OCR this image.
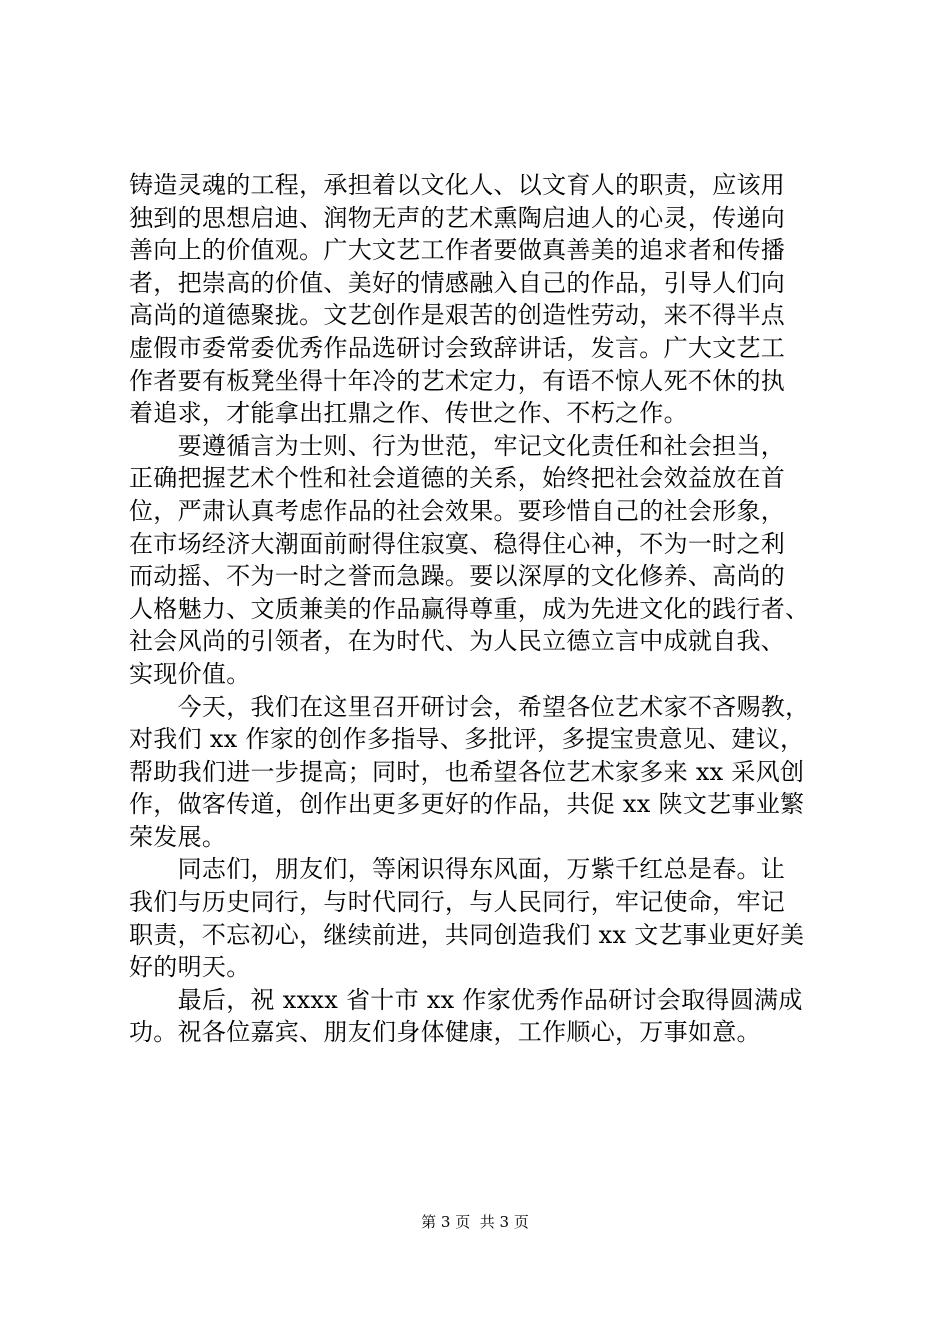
铸造灵魂的工程，承担着以文化人、以文育人的职责，应该用
独到的思想启迪、润物无声的艺术熏陶启迪人的心灵，传递向
善向上的价值观。广大文艺工作者要做真善美的追求者和传播
者，把崇高的价值、美好的情感融入自己的作品，引导人们向
高尚的道德聚拢。文艺创作是艰苦的创造性劳动，来不得半点
虚假市委常委优秀作品选研讨会致辞讲话，发言。广大文艺工
作者要有板凳坐得十年冷的艺术定力，有语不惊人死不休的执
着追求，才能拿出扛鼎之作、传世之作、不朽之作。
　　要遵循言为士则、行为世范，牢记文化责任和社会担当，
正确把握艺术个性和社会道德的关系，始终把社会效益放在首
位，严肃认真考虑作品的社会效果。要珍惜自己的社会形象，
在市场经济大潮面前耐得住寂寞、稳得住心神，不为一时之利
而动摇、不为一时之誉而急躁。要以深厚的文化修养、高尚的
人格魅力、文质兼美的作品赢得尊重，成为先进文化的践行者、
社会风尚的引领者，在为时代、为人民立德立言中成就自我、
实现价值。
　　今天，我们在这里召开研讨会，希望各位艺术家不吝赐教，
对我们 xx 作家的创作多指导、多批评，多提宝贵意见、建议，
帮助我们进一步提高；同时，也希望各位艺术家多来 xx 采风创
作，做客传道，创作出更多更好的作品，共促 xx 陕文艺事业繁
荣发展。
　　同志们，朋友们，等闲识得东风面，万紫千红总是春。让
我们与历史同行，与时代同行，与人民同行，牢记使命，牢记
职责，不忘初心，继续前进，共同创造我们 xx 文艺事业更好美
好的明天。
　　最后，祝 xxxx 省十市 xx 作家优秀作品研讨会取得圆满成
功。祝各位嘉宾、朋友们身体健康，工作顺心，万事如意。
第 3 页  共 3 页
